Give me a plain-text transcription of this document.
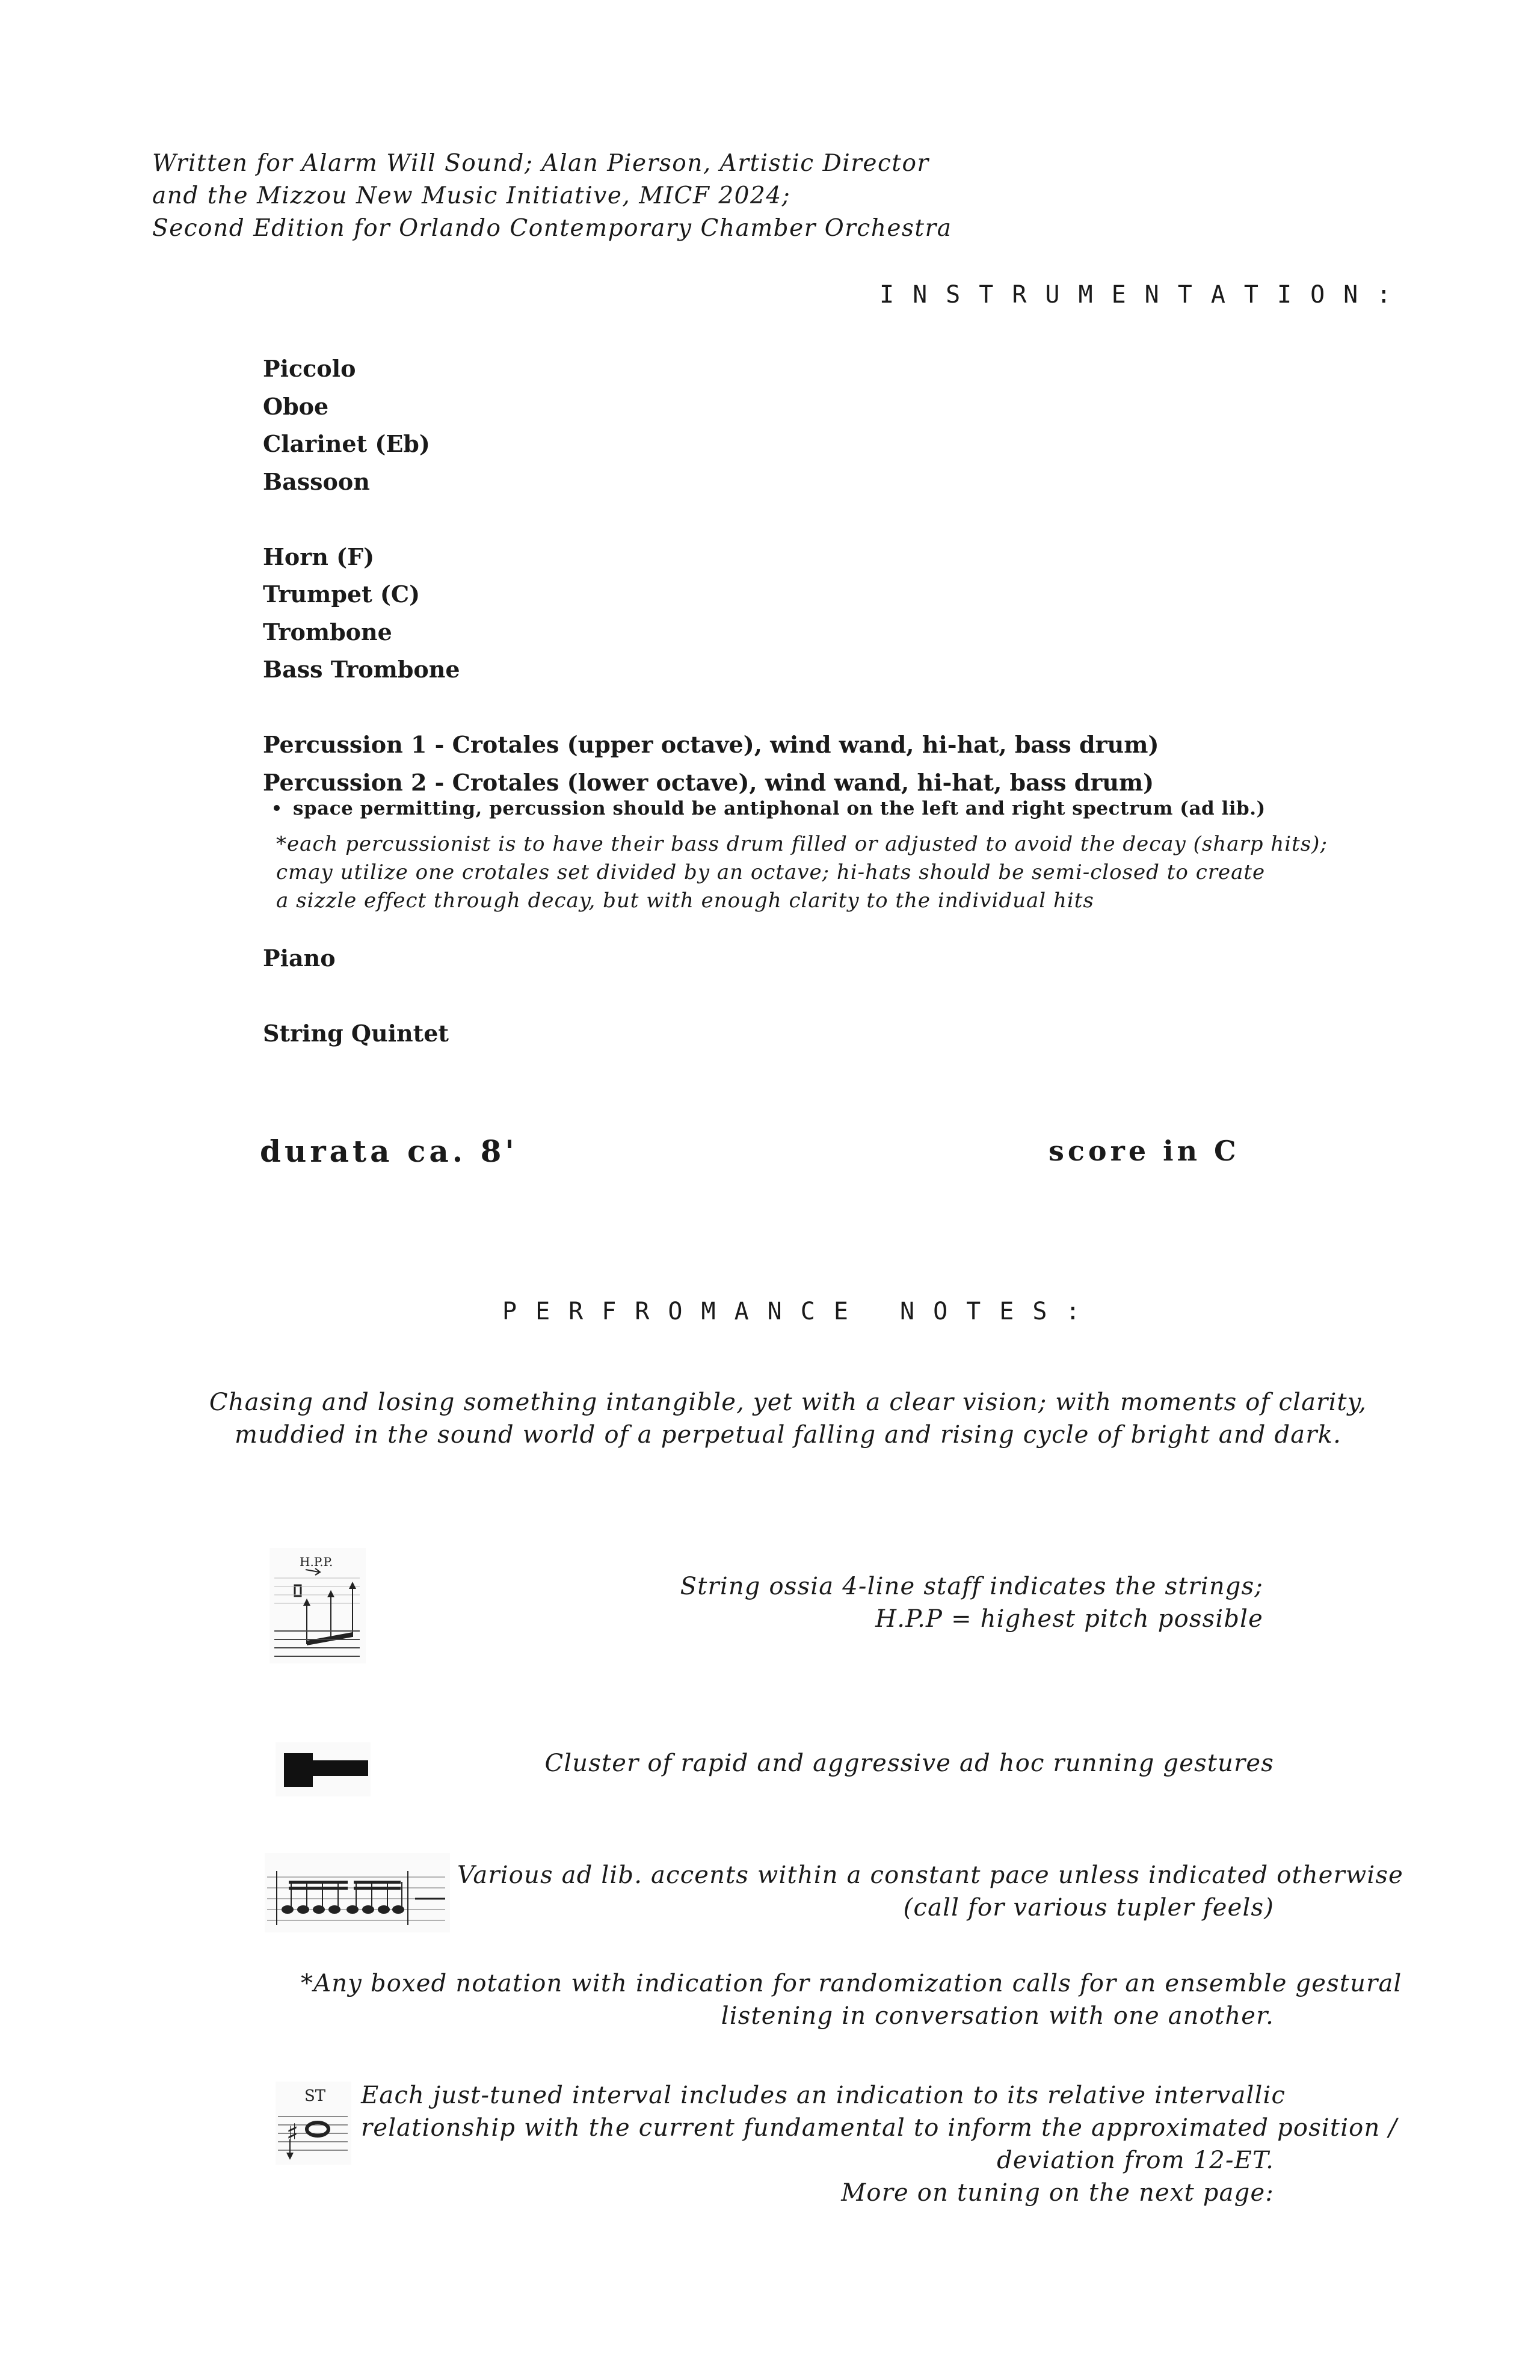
Written for Alarm Will Sound; Alan Pierson, Artistic Director
and the Mizzou New Music Initiative, MICF 2024;
Second Edition for Orlando Contemporary Chamber Orchestra
INSTRUMENTATION:
Piccolo
Oboe
Clarinet (Eb)
Bassoon
Horn (F)
Trumpet (C)
Trombone
Bass Trombone
Percussion 1 - Crotales (upper octave), wind wand, hi-hat, bass drum)
Percussion 2 - Crotales (lower octave), wind wand, hi-hat, bass drum)
space permitting, percussion should be antiphonal on the left and right spectrum (ad lib.)
*each percussionist is to have their bass drum filled or adjusted to avoid the decay (sharp hits);
cmay utilize one crotales set divided by an octave; hi-hats should be semi-closed to create
a sizzle effect through decay, but with enough clarity to the individual hits
Piano
String Quintet
durata ca. 8'	score in C
PERFROMANCE NOTES:
Chasing and losing something intangible, yet with a clear vision; with moments of clarity,
muddied in the sound world of a perpetual falling and rising cycle of bright and dark.
H.P.P.
String ossia 4-line staff indicates the strings;
H.P.P = highest pitch possible
Cluster of rapid and aggressive ad hoc running gestures
Various ad lib. accents within a constant pace unless indicated otherwise
(call for various tupler feels)
*Any boxed notation with indication for randomization calls for an ensemble gestural
listening in conversation with one another.
ST
♯
Each just-tuned interval includes an indication to its relative intervallic
relationship with the current fundamental to inform the approximated position /
deviation from 12-ET.
More on tuning on the next page:
